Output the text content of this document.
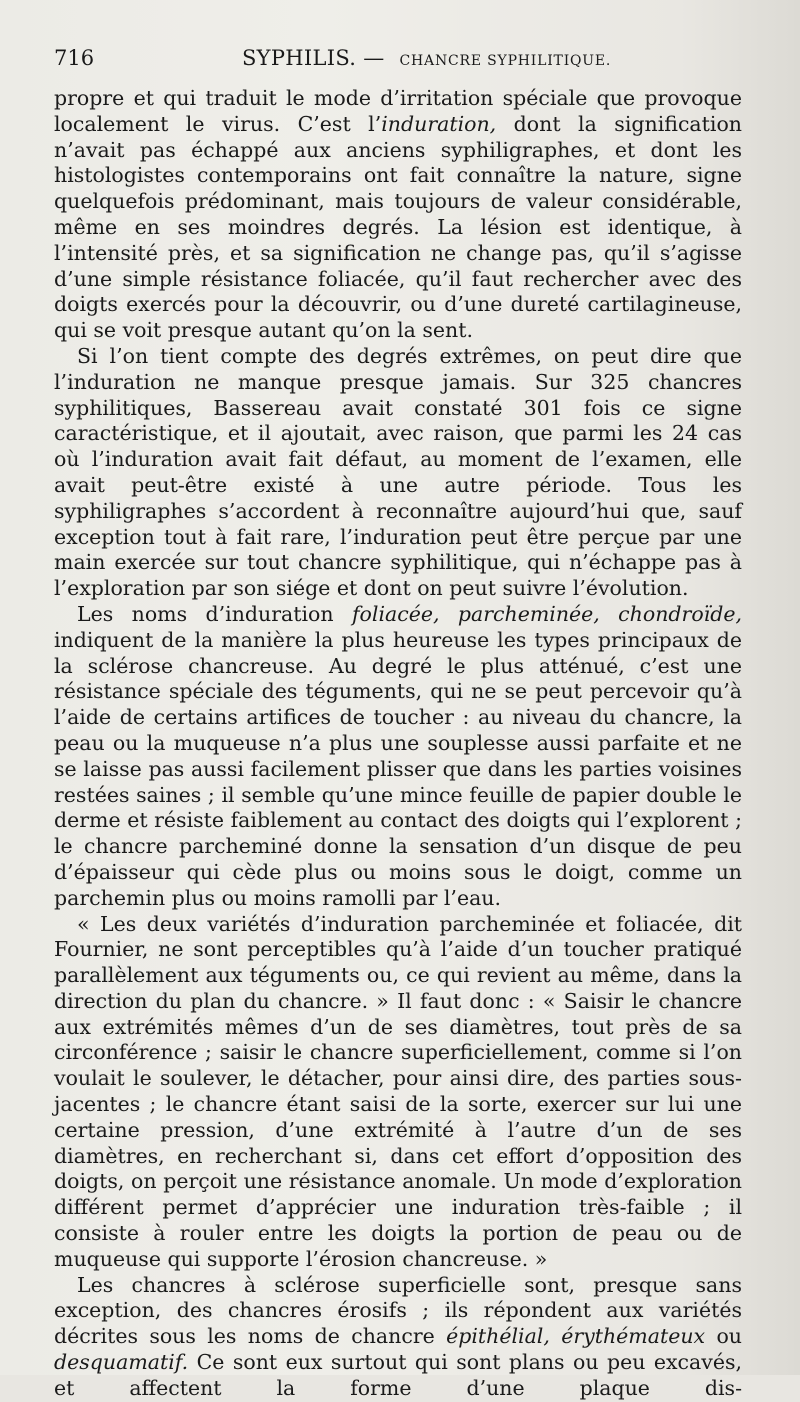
716	SYPHILIS. — CHANCRE SYPHILITIQUE.

propre et qui traduit le mode d’irritation spéciale que provoque localement le virus. C’est l’induration, dont la signification n’avait pas échappé aux anciens syphiligraphes, et dont les histologistes contemporains ont fait connaître la nature, signe quelquefois prédominant, mais toujours de valeur considérable, même en ses moindres degrés. La lésion est identique, à l’intensité près, et sa signification ne change pas, qu’il s’agisse d’une simple résistance foliacée, qu’il faut rechercher avec des doigts exercés pour la découvrir, ou d’une dureté cartilagineuse, qui se voit presque autant qu’on la sent.

Si l’on tient compte des degrés extrêmes, on peut dire que l’induration ne manque presque jamais. Sur 325 chancres syphilitiques, Bassereau avait constaté 301 fois ce signe caractéristique, et il ajoutait, avec raison, que parmi les 24 cas où l’induration avait fait défaut, au moment de l’examen, elle avait peut-être existé à une autre période. Tous les syphiligraphes s’accordent à reconnaître aujourd’hui que, sauf exception tout à fait rare, l’induration peut être perçue par une main exercée sur tout chancre syphilitique, qui n’échappe pas à l’exploration par son siége et dont on peut suivre l’évolution.

Les noms d’induration foliacée, parcheminée, chondroïde, indiquent de la manière la plus heureuse les types principaux de la sclérose chancreuse. Au degré le plus atténué, c’est une résistance spéciale des téguments, qui ne se peut percevoir qu’à l’aide de certains artifices de toucher : au niveau du chancre, la peau ou la muqueuse n’a plus une souplesse aussi parfaite et ne se laisse pas aussi facilement plisser que dans les parties voisines restées saines ; il semble qu’une mince feuille de papier double le derme et résiste faiblement au contact des doigts qui l’explorent ; le chancre parcheminé donne la sensation d’un disque de peu d’épaisseur qui cède plus ou moins sous le doigt, comme un parchemin plus ou moins ramolli par l’eau.

« Les deux variétés d’induration parcheminée et foliacée, dit Fournier, ne sont perceptibles qu’à l’aide d’un toucher pratiqué parallèlement aux téguments ou, ce qui revient au même, dans la direction du plan du chancre. » Il faut donc : « Saisir le chancre aux extrémités mêmes d’un de ses diamètres, tout près de sa circonférence ; saisir le chancre superficiellement, comme si l’on voulait le soulever, le détacher, pour ainsi dire, des parties sous-jacentes ; le chancre étant saisi de la sorte, exercer sur lui une certaine pression, d’une extrémité à l’autre d’un de ses diamètres, en recherchant si, dans cet effort d’opposition des doigts, on perçoit une résistance anomale. Un mode d’exploration différent permet d’apprécier une induration très-faible ; il consiste à rouler entre les doigts la portion de peau ou de muqueuse qui supporte l’érosion chancreuse. »

Les chancres à sclérose superficielle sont, presque sans exception, des chancres érosifs ; ils répondent aux variétés décrites sous les noms de chancre épithélial, érythémateux ou desquamatif. Ce sont eux surtout qui sont plans ou peu excavés, et affectent la forme d’une plaque dis-
